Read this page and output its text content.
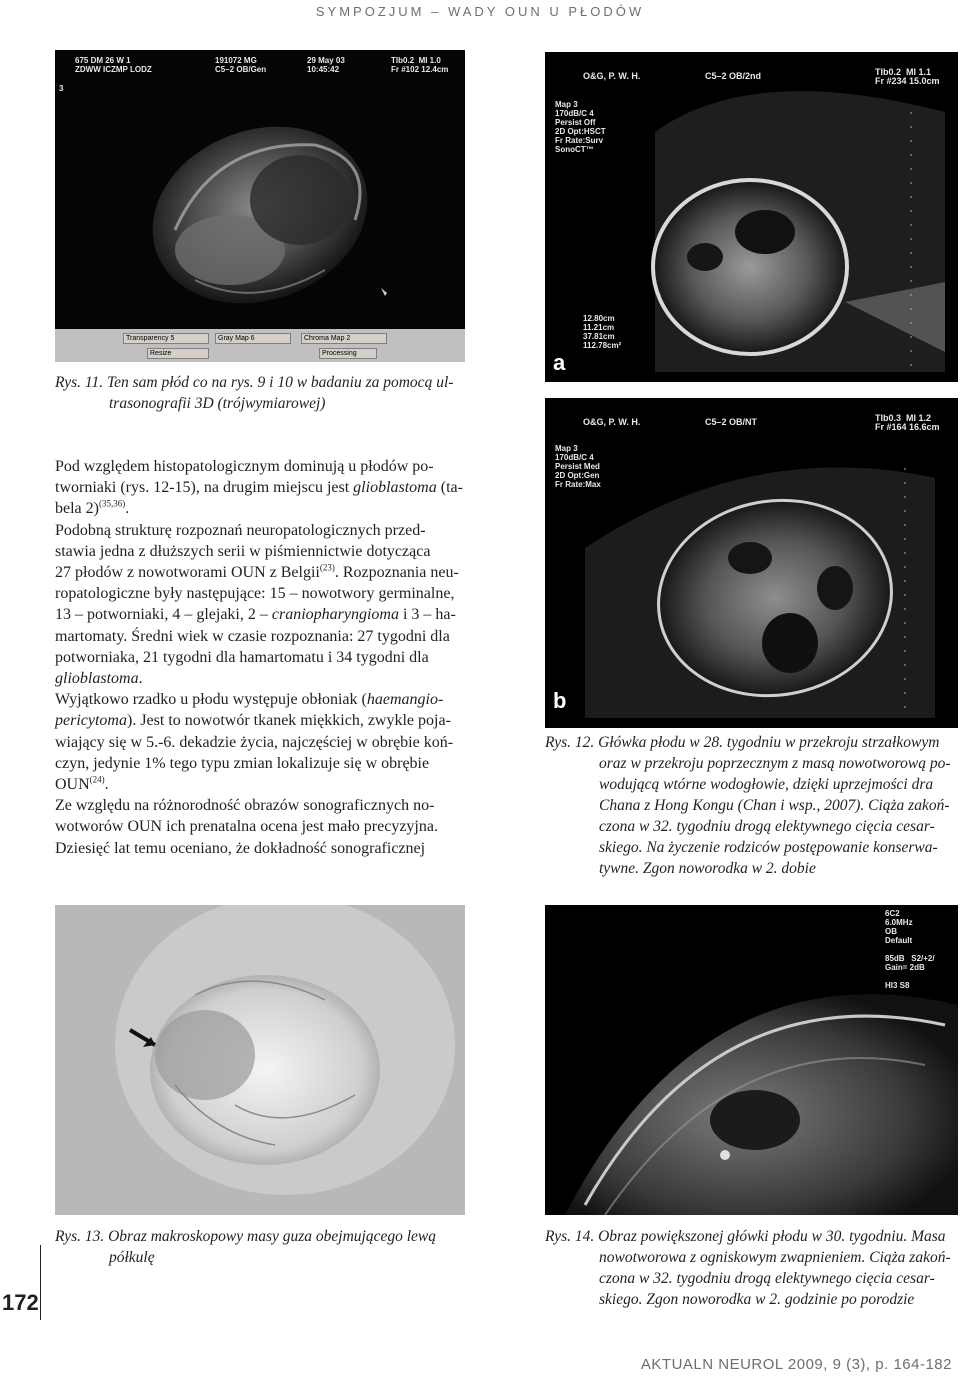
SYMPOZJUM – WADY OUN U PŁODÓW
675 DM 26 W 1
ZDWW ICZMP LODZ
191072 MG
C5–2 OB/Gen
29 May 03
10:45:42
TIb0.2  MI 1.0
Fr #102 12.4cm
3
Transparency 5	Gray Map 6	Chroma Map 2
Resize	Processing
Rys. 11. Ten sam płód co na rys. 9 i 10 w badaniu za pomocą ul-
trasonografii 3D (trójwymiarowej)

Pod względem histopatologicznym dominują u płodów po-
tworniaki (rys. 12-15), na drugim miejscu jest glioblastoma (ta-
bela 2)$^{(35,36)}$.

Podobną strukturę rozpoznań neuropatologicznych przed-
stawia jedna z dłuższych serii w piśmiennictwie dotycząca
27 płodów z nowotworami OUN z Belgii$^{(23)}$. Rozpoznania neu-
ropatologiczne były następujące: 15 – nowotwory germinalne,
13 – potworniaki, 4 – glejaki, 2 – craniopharyngioma i 3 – ha-
martomaty. Średni wiek w czasie rozpoznania: 27 tygodni dla
potworniaka, 21 tygodni dla hamartomatu i 34 tygodni dla
glioblastoma.

Wyjątkowo rzadko u płodu występuje obłoniak (haemangio-
pericytoma). Jest to nowotwór tkanek miękkich, zwykle poja-
wiający się w 5.-6. dekadzie życia, najczęściej w obrębie koń-
czyn, jedynie 1% tego typu zmian lokalizuje się w obrębie
OUN$^{(24)}$.

Ze względu na różnorodność obrazów sonograficznych no-
wotworów OUN ich prenatalna ocena jest mało precyzyjna.
Dziesięć lat temu oceniano, że dokładność sonograficznej

O&G, P. W. H.	C5–2 OB/2nd	TIb0.2  MI 1.1
Fr #234 15.0cm
Map 3
170dB/C 4
Persist Off
2D Opt:HSCT
Fr Rate:Surv
SonoCT™
12.80cm
11.21cm
37.81cm
112.78cm²
a
O&G, P. W. H.	C5–2 OB/NT	TIb0.3  MI 1.2
Fr #164 16.6cm
Map 3
170dB/C 4
Persist Med
2D Opt:Gen
Fr Rate:Max
b
Rys. 12. Główka płodu w 28. tygodniu w przekroju strzałkowym
oraz w przekroju poprzecznym z masą nowotworową po-
wodującą wtórne wodogłowie, dzięki uprzejmości dra
Chana z Hong Kongu (Chan i wsp., 2007). Ciąża zakoń-
czona w 32. tygodniu drogą elektywnego cięcia cesar-
skiego. Na życzenie rodziców postępowanie konserwa-
tywne. Zgon noworodka w 2. dobie
Rys. 13. Obraz makroskopowy masy guza obejmującego lewą
półkulę
6C2
6.0MHz
OB
Default

85dB   S2/+2/
Gain= 2dB

HI3 S8
Rys. 14. Obraz powiększonej główki płodu w 30. tygodniu. Masa
nowotworowa z ogniskowym zwapnieniem. Ciąża zakoń-
czona w 32. tygodniu drogą elektywnego cięcia cesar-
skiego. Zgon noworodka w 2. godzinie po porodzie
172
AKTUALN NEUROL 2009, 9 (3), p. 164-182
